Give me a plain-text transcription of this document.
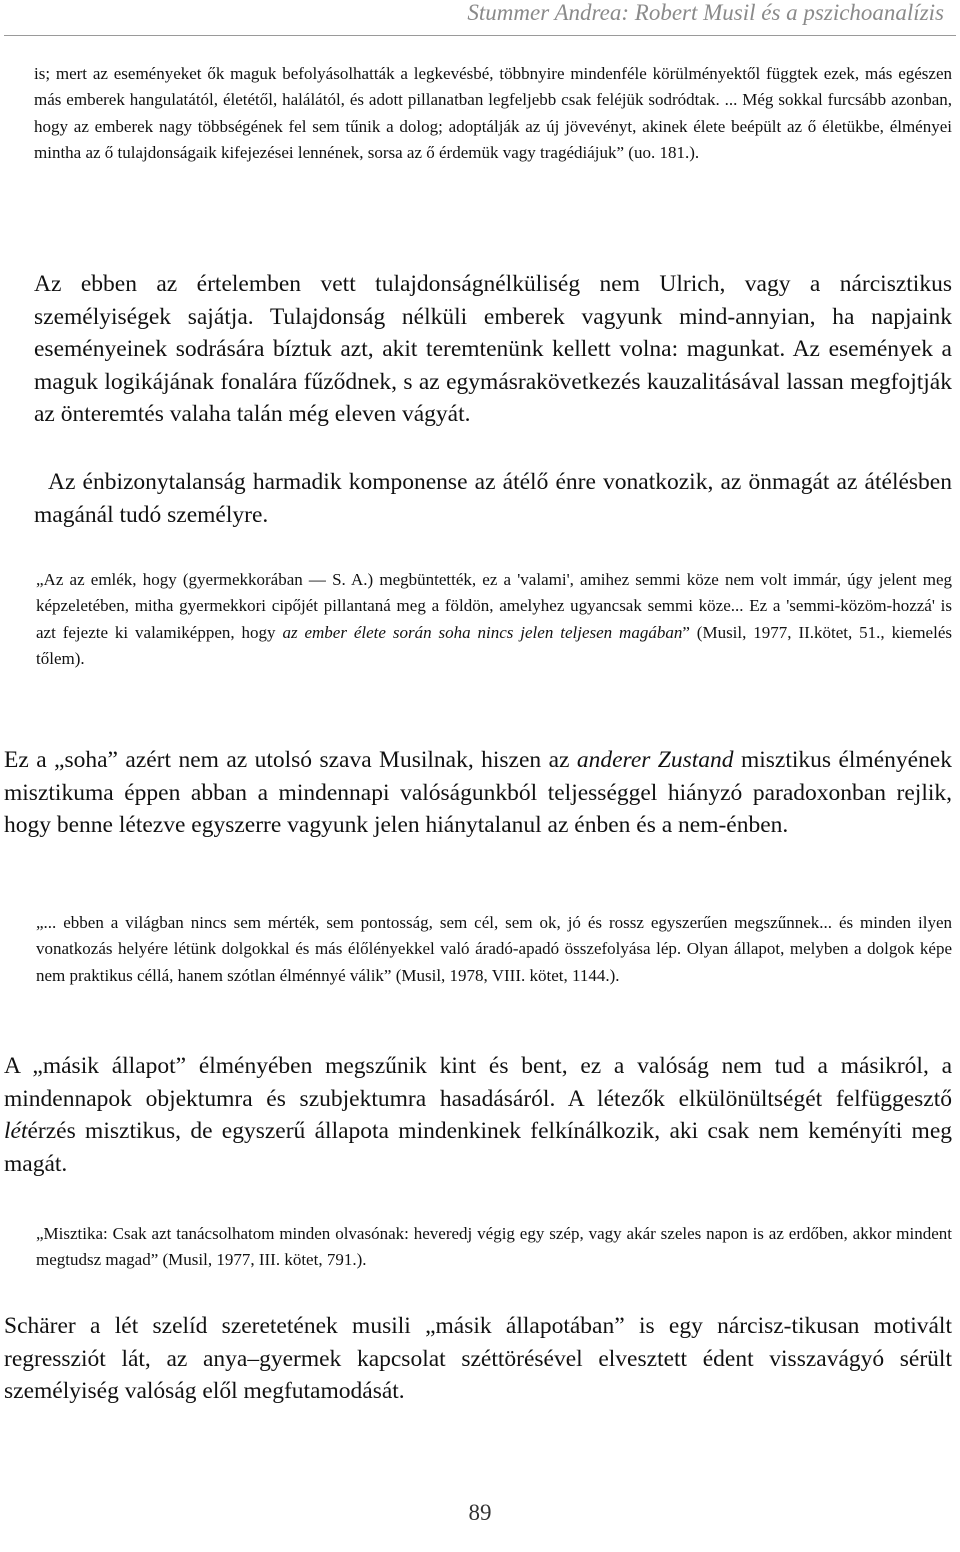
Stummer Andrea: Robert Musil és a pszichoanalízis

is; mert az eseményeket ők maguk befolyásolhatták a legkevésbé, többnyire mindenféle körülményektől függtek ezek, más egészen más emberek hangulatától, életétől, halálától, és adott pillanatban legfeljebb csak feléjük sodródtak. ... Még sokkal furcsább azonban, hogy az emberek nagy többségének fel sem tűnik a dolog; adoptálják az új jövevényt, akinek élete beépült az ő életükbe, élményei mintha az ő tulajdonságaik kifejezései lennének, sorsa az ő érdemük vagy tragédiájuk” (uo. 181.).

Az ebben az értelemben vett tulajdonságnélküliség nem Ulrich, vagy a nárcisztikus személyiségek sajátja. Tulajdonság nélküli emberek vagyunk mind-annyian, ha napjaink eseményeinek sodrására bíztuk azt, akit teremtenünk kellett volna: magunkat. Az események a maguk logikájának fonalára fűződnek, s az egymásrakövetkezés kauzalitásával lassan megfojtják az önteremtés valaha talán még eleven vágyát.

Az énbizonytalanság harmadik komponense az átélő énre vonatkozik, az önmagát az átélésben magánál tudó személyre.

„Az az emlék, hogy (gyermekkorában — S. A.) megbüntették, ez a 'valami', amihez semmi köze nem volt immár, úgy jelent meg képzeletében, mitha gyermekkori cipőjét pillantaná meg a földön, amelyhez ugyancsak semmi köze... Ez a 'semmi-közöm-hozzá' is azt fejezte ki valamiképpen, hogy az ember élete során soha nincs jelen teljesen magában” (Musil, 1977, II.kötet, 51., kiemelés tőlem).

Ez a „soha” azért nem az utolsó szava Musilnak, hiszen az anderer Zustand misztikus élményének misztikuma éppen abban a mindennapi valóságunkból teljességgel hiányzó paradoxonban rejlik, hogy benne létezve egyszerre vagyunk jelen hiánytalanul az énben és a nem-énben.

„... ebben a világban nincs sem mérték, sem pontosság, sem cél, sem ok, jó és rossz egyszerűen megszűnnek... és minden ilyen vonatkozás helyére létünk dolgokkal és más élőlényekkel való áradó-apadó összefolyása lép. Olyan állapot, melyben a dolgok képe nem praktikus céllá, hanem szótlan élménnyé válik” (Musil, 1978, VIII. kötet, 1144.).

A „másik állapot” élményében megszűnik kint és bent, ez a valóság nem tud a másikról, a mindennapok objektumra és szubjektumra hasadásáról. A létezők elkülönültségét felfüggesztő létérzés misztikus, de egyszerű állapota mindenkinek felkínálkozik, aki csak nem keményíti meg magát.

„Misztika: Csak azt tanácsolhatom minden olvasónak: heveredj végig egy szép, vagy akár szeles napon is az erdőben, akkor mindent megtudsz magad” (Musil, 1977, III. kötet, 791.).

Schärer a lét szelíd szeretetének musili „másik állapotában” is egy nárcisz-tikusan motivált regressziót lát, az anya–gyermek kapcsolat széttörésével elvesztett édent visszavágyó sérült személyiség valóság elől megfutamodását.

89
